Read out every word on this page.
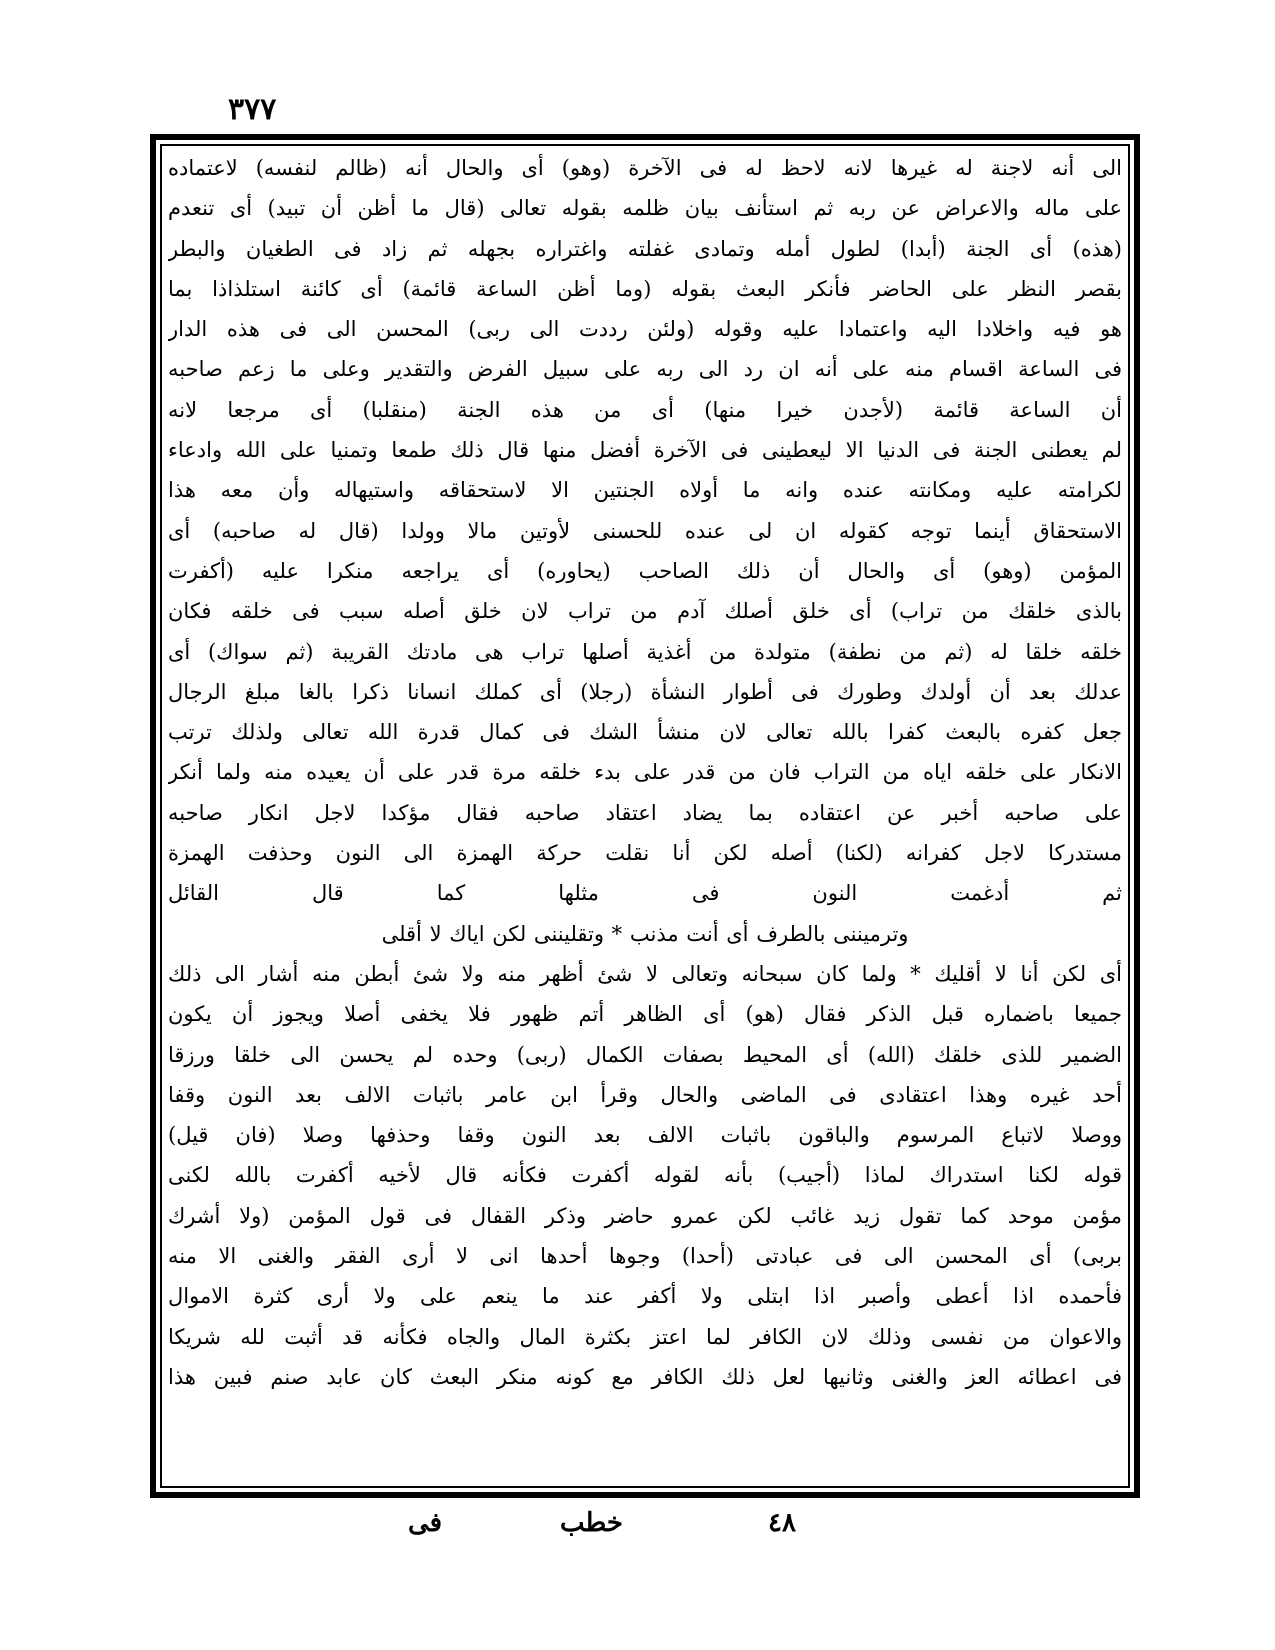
٣٧٧
الى أنه لاجنة له غيرها لانه لاحظ له فى الآخرة (وهو) أى والحال أنه (ظالم لنفسه) لاعتماده
على ماله والاعراض عن ربه ثم استأنف بيان ظلمه بقوله تعالى (قال ما أظن أن تبيد) أى تنعدم
(هذه) أى الجنة (أبدا) لطول أمله وتمادى غفلته واغتراره بجهله ثم زاد فى الطغيان والبطر
بقصر النظر على الحاضر فأنكر البعث بقوله (وما أظن الساعة قائمة) أى كائنة استلذاذا بما
هو فيه واخلادا اليه واعتمادا عليه وقوله (ولئن رددت الى ربى) المحسن الى فى هذه الدار
فى الساعة اقسام منه على أنه ان رد الى ربه على سبيل الفرض والتقدير وعلى ما زعم صاحبه
أن الساعة قائمة (لأجدن خيرا منها) أى من هذه الجنة (منقلبا) أى مرجعا لانه
لم يعطنى الجنة فى الدنيا الا ليعطينى فى الآخرة أفضل منها قال ذلك طمعا وتمنيا على الله وادعاء
لكرامته عليه ومكانته عنده وانه ما أولاه الجنتين الا لاستحقاقه واستيهاله وأن معه هذا
الاستحقاق أينما توجه كقوله ان لى عنده للحسنى لأوتين مالا وولدا (قال له صاحبه) أى
المؤمن (وهو) أى والحال أن ذلك الصاحب (يحاوره) أى يراجعه منكرا عليه (أكفرت
بالذى خلقك من تراب) أى خلق أصلك آدم من تراب لان خلق أصله سبب فى خلقه فكان
خلقه خلقا له (ثم من نطفة) متولدة من أغذية أصلها تراب هى مادتك القريبة (ثم سواك) أى
عدلك بعد أن أولدك وطورك فى أطوار النشأة (رجلا) أى كملك انسانا ذكرا بالغا مبلغ الرجال
جعل كفره بالبعث كفرا بالله تعالى لان منشأ الشك فى كمال قدرة الله تعالى ولذلك ترتب
الانكار على خلقه اياه من التراب فان من قدر على بدء خلقه مرة قدر على أن يعيده منه ولما أنكر
على صاحبه أخبر عن اعتقاده بما يضاد اعتقاد صاحبه فقال مؤكدا لاجل انكار صاحبه
مستدركا لاجل كفرانه (لكنا) أصله لكن أنا نقلت حركة الهمزة الى النون وحذفت الهمزة
ثم أدغمت النون فى مثلها كما قال القائل
وترميننى بالطرف أى أنت مذنب * وتقليننى لكن اياك لا أقلى
أى لكن أنا لا أقليك * ولما كان سبحانه وتعالى لا شئ أظهر منه ولا شئ أبطن منه أشار الى ذلك
جميعا باضماره قبل الذكر فقال (هو) أى الظاهر أتم ظهور فلا يخفى أصلا ويجوز أن يكون
الضمير للذى خلقك (الله) أى المحيط بصفات الكمال (ربى) وحده لم يحسن الى خلقا ورزقا
أحد غيره وهذا اعتقادى فى الماضى والحال وقرأ ابن عامر باثبات الالف بعد النون وقفا
ووصلا لاتباع المرسوم والباقون باثبات الالف بعد النون وقفا وحذفها وصلا (فان قيل)
قوله لكنا استدراك لماذا (أجيب) بأنه لقوله أكفرت فكأنه قال لأخيه أكفرت بالله لكنى
مؤمن موحد كما تقول زيد غائب لكن عمرو حاضر وذكر القفال فى قول المؤمن (ولا أشرك
بربى) أى المحسن الى فى عبادتى (أحدا) وجوها أحدها انى لا أرى الفقر والغنى الا منه
فأحمده اذا أعطى وأصبر اذا ابتلى ولا أكفر عند ما ينعم على ولا أرى كثرة الاموال
والاعوان من نفسى وذلك لان الكافر لما اعتز بكثرة المال والجاه فكأنه قد أثبت لله شريكا
فى اعطائه العز والغنى وثانيها لعل ذلك الكافر مع كونه منكر البعث كان عابد صنم فبين هذا
٤٨
خطب
فى
